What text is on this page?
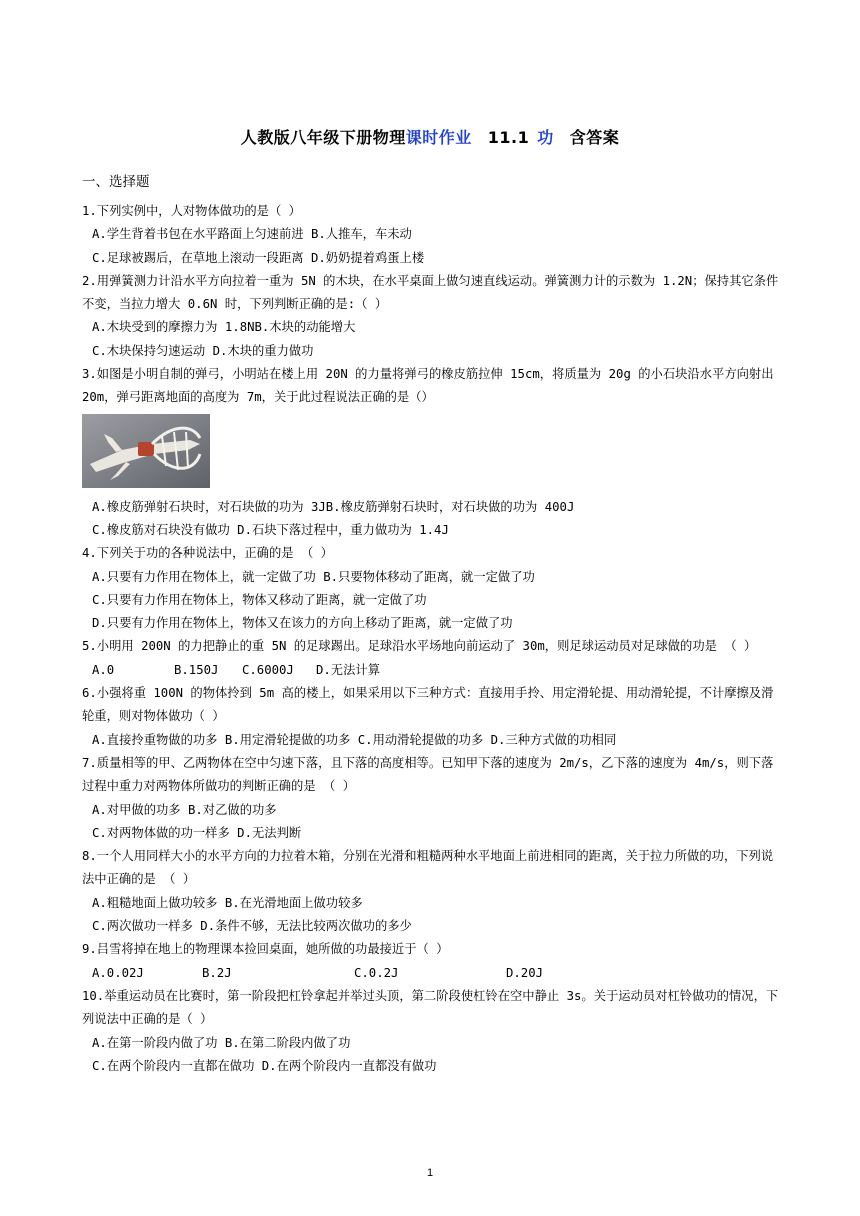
人教版八年级下册物理课时作业 11.1 功 含答案
一、选择题

1.下列实例中，人对物体做功的是（ ）

A.学生背着书包在水平路面上匀速前进 B.人推车，车未动

C.足球被踢后，在草地上滚动一段距离 D.奶奶提着鸡蛋上楼

2.用弹簧测力计沿水平方向拉着一重为 5N 的木块，在水平桌面上做匀速直线运动。弹簧测力计的示数为 1.2N；保持其它条件不变，当拉力增大 0.6N 时，下列判断正确的是:（ ）

A.木块受到的摩擦力为 1.8NB.木块的动能增大

C.木块保持匀速运动 D.木块的重力做功

3.如图是小明自制的弹弓，小明站在楼上用 20N 的力量将弹弓的橡皮筋拉伸 15cm，将质量为 20g 的小石块沿水平方向射出 20m，弹弓距离地面的高度为 7m，关于此过程说法正确的是（）

A.橡皮筋弹射石块时，对石块做的功为 3JB.橡皮筋弹射石块时，对石块做的功为 400J

C.橡皮筋对石块没有做功 D.石块下落过程中，重力做功为 1.4J

4.下列关于功的各种说法中，正确的是 （ ）

A.只要有力作用在物体上，就一定做了功 B.只要物体移动了距离，就一定做了功

C.只要有力作用在物体上，物体又移动了距离，就一定做了功

D.只要有力作用在物体上，物体又在该力的方向上移动了距离，就一定做了功

5.小明用 200N 的力把静止的重 5N 的足球踢出。足球沿水平场地向前运动了 30m，则足球运动员对足球做的功是 （ ）

A.0	B.150J C.6000J D.无法计算

6.小强将重 100N 的物体拎到 5m 高的楼上，如果采用以下三种方式：直接用手拎、用定滑轮提、用动滑轮提，不计摩擦及滑轮重，则对物体做功（ ）

A.直接拎重物做的功多 B.用定滑轮提做的功多 C.用动滑轮提做的功多 D.三种方式做的功相同

7.质量相等的甲、乙两物体在空中匀速下落，且下落的高度相等。已知甲下落的速度为 2m/s，乙下落的速度为 4m/s，则下落过程中重力对两物体所做功的判断正确的是 （ ）

A.对甲做的功多 B.对乙做的功多

C.对两物体做的功一样多 D.无法判断

8.一个人用同样大小的水平方向的力拉着木箱，分别在光滑和粗糙两种水平地面上前进相同的距离，关于拉力所做的功，下列说法中正确的是 （ ）

A.粗糙地面上做功较多 B.在光滑地面上做功较多

C.两次做功一样多 D.条件不够，无法比较两次做功的多少

9.吕雪将掉在地上的物理课本捡回桌面，她所做的功最接近于（ ）

A.0.02J	B.2J	C.0.2J	D.20J

10.举重运动员在比赛时，第一阶段把杠铃拿起并举过头顶，第二阶段使杠铃在空中静止 3s。关于运动员对杠铃做功的情况，下列说法中正确的是（ ）

A.在第一阶段内做了功 B.在第二阶段内做了功

C.在两个阶段内一直都在做功 D.在两个阶段内一直都没有做功

1
